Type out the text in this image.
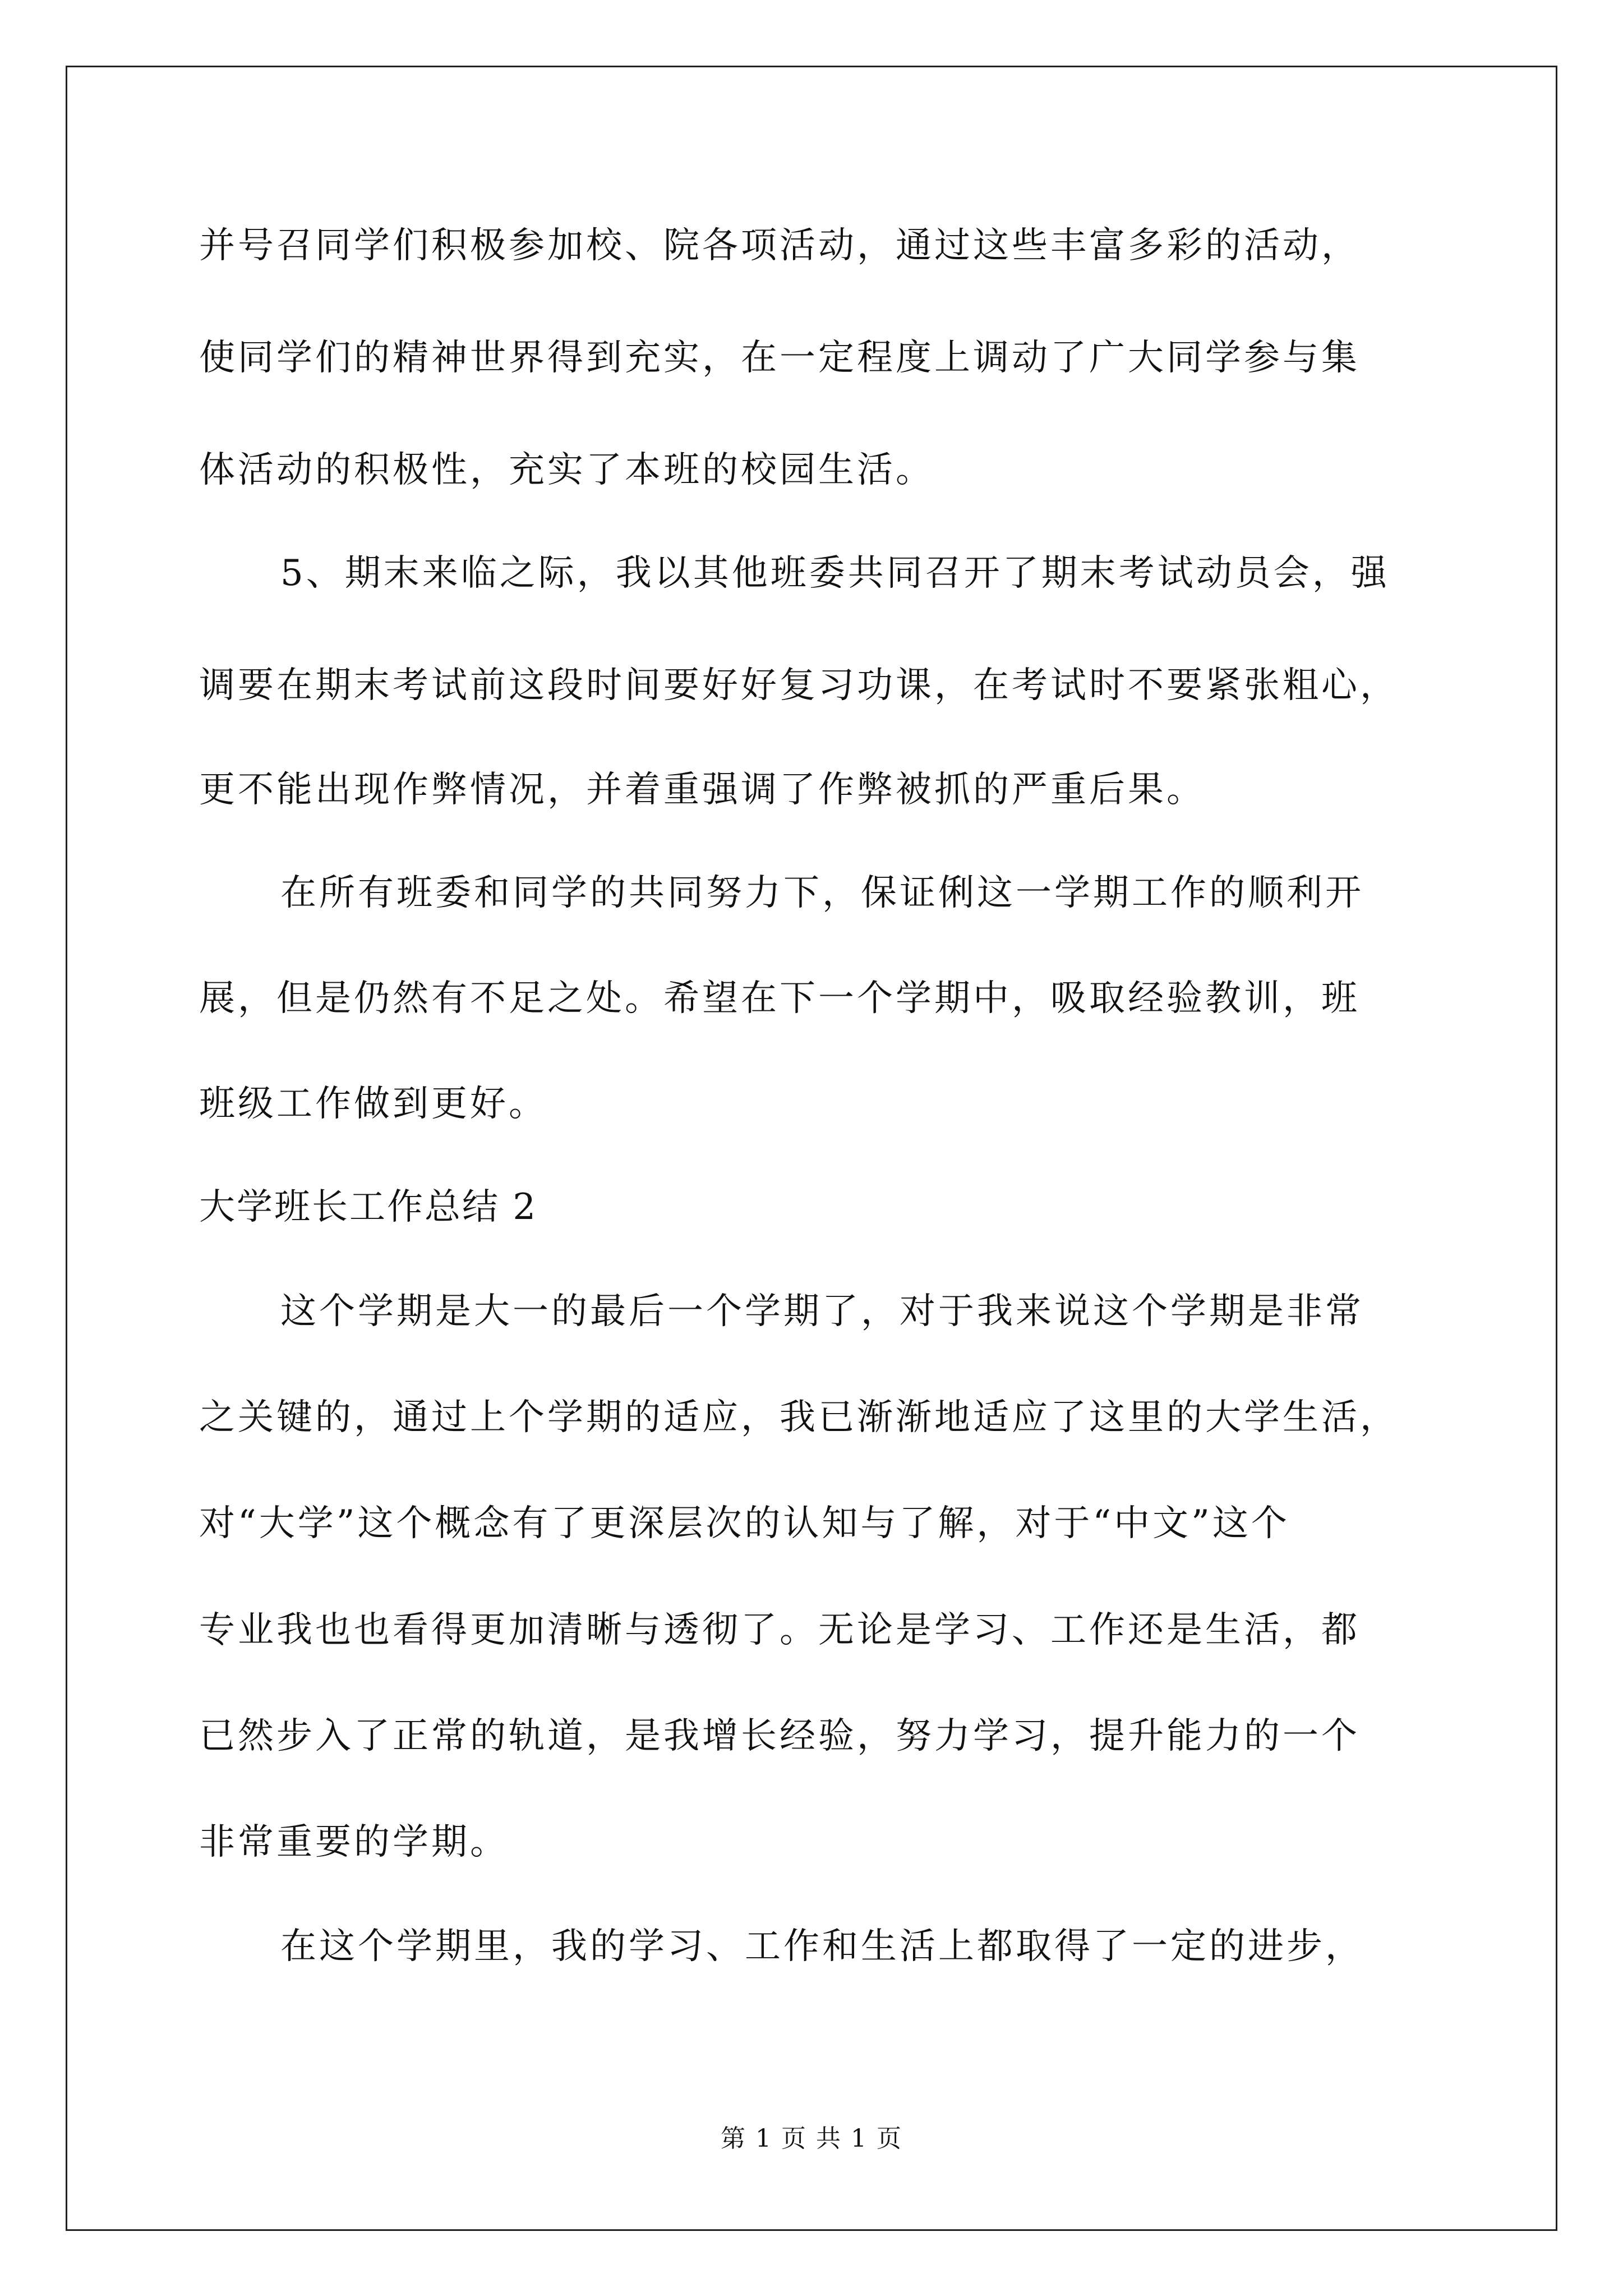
并号召同学们积极参加校、院各项活动，通过这些丰富多彩的活动，
使同学们的精神世界得到充实，在一定程度上调动了广大同学参与集
体活动的积极性，充实了本班的校园生活。
5、期末来临之际，我以其他班委共同召开了期末考试动员会，强
调要在期末考试前这段时间要好好复习功课，在考试时不要紧张粗心，
更不能出现作弊情况，并着重强调了作弊被抓的严重后果。
在所有班委和同学的共同努力下，保证俐这一学期工作的顺利开
展，但是仍然有不足之处。希望在下一个学期中，吸取经验教训，班
班级工作做到更好。
大学班长工作总结 2
这个学期是大一的最后一个学期了，对于我来说这个学期是非常
之关键的，通过上个学期的适应，我已渐渐地适应了这里的大学生活，
对“大学”这个概念有了更深层次的认知与了解，对于“中文”这个
专业我也也看得更加清晰与透彻了。无论是学习、工作还是生活，都
已然步入了正常的轨道，是我增长经验，努力学习，提升能力的一个
非常重要的学期。
在这个学期里，我的学习、工作和生活上都取得了一定的进步，
第 1 页 共 1 页
